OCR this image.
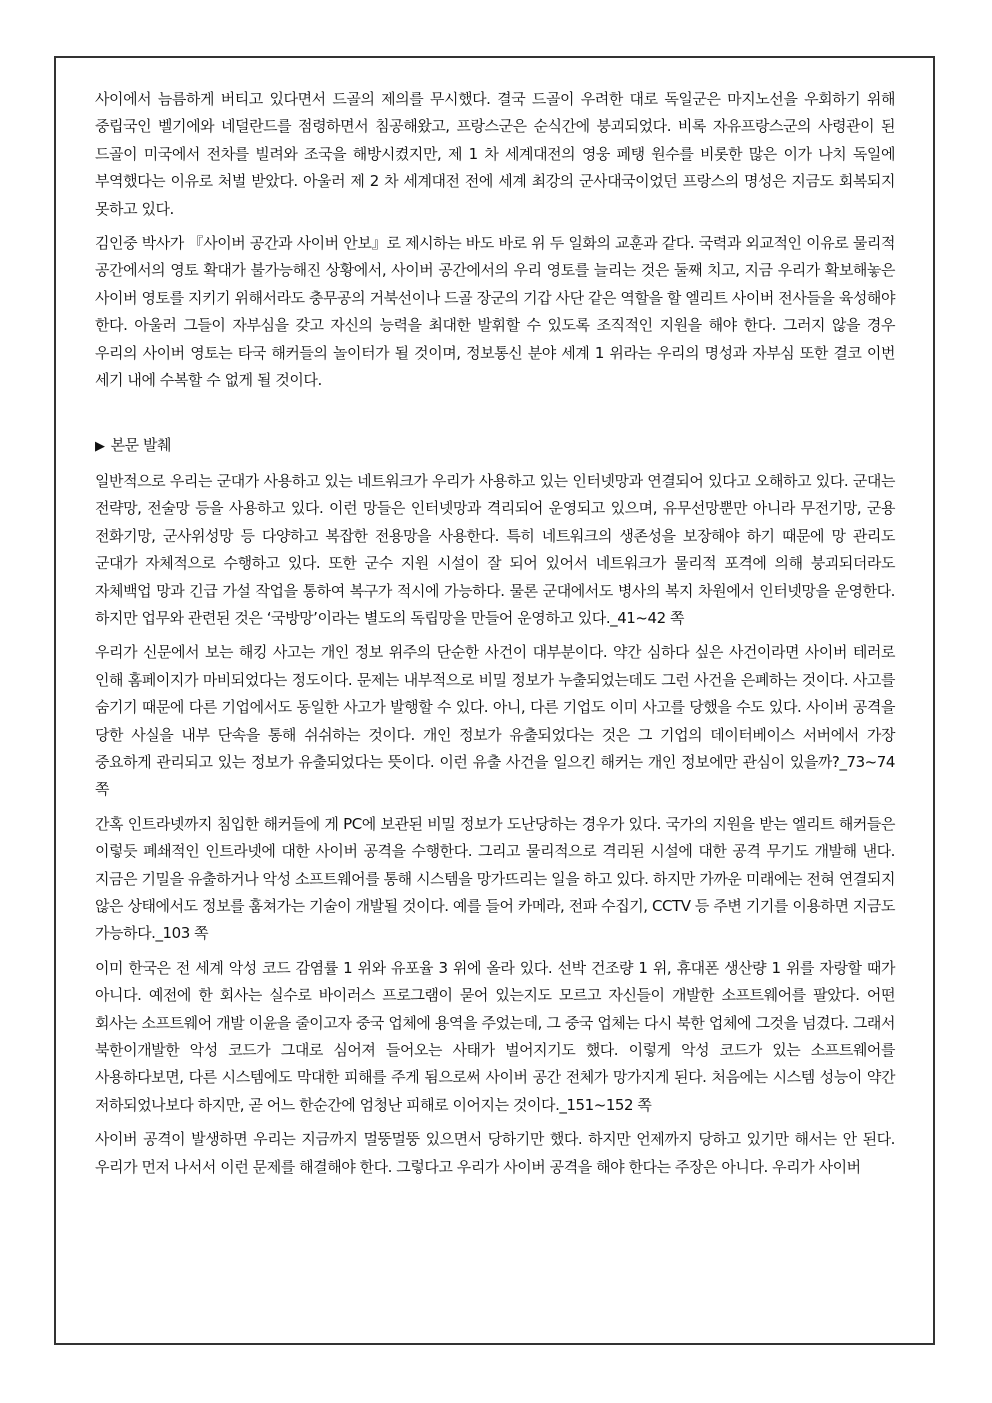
사이에서 늠름하게 버티고 있다면서 드골의 제의를 무시했다. 결국 드골이 우려한 대로 독일군은 마지노선을 우회하기 위해 중립국인 벨기에와 네덜란드를 점령하면서 침공해왔고, 프랑스군은 순식간에 붕괴되었다. 비록 자유프랑스군의 사령관이 된 드골이 미국에서 전차를 빌려와 조국을 해방시켰지만, 제 1 차 세계대전의 영웅 페탱 원수를 비롯한 많은 이가 나치 독일에 부역했다는 이유로 처벌 받았다. 아울러 제 2 차 세계대전 전에 세계 최강의 군사대국이었던 프랑스의 명성은 지금도 회복되지 못하고 있다.

김인중 박사가 『사이버 공간과 사이버 안보』로 제시하는 바도 바로 위 두 일화의 교훈과 같다. 국력과 외교적인 이유로 물리적 공간에서의 영토 확대가 불가능해진 상황에서, 사이버 공간에서의 우리 영토를 늘리는 것은 둘째 치고, 지금 우리가 확보해놓은 사이버 영토를 지키기 위해서라도 충무공의 거북선이나 드골 장군의 기갑 사단 같은 역할을 할 엘리트 사이버 전사들을 육성해야 한다. 아울러 그들이 자부심을 갖고 자신의 능력을 최대한 발휘할 수 있도록 조직적인 지원을 해야 한다. 그러지 않을 경우 우리의 사이버 영토는 타국 해커들의 놀이터가 될 것이며, 정보통신 분야 세계 1 위라는 우리의 명성과 자부심 또한 결코 이번 세기 내에 수복할 수 없게 될 것이다.

▶ 본문 발췌

일반적으로 우리는 군대가 사용하고 있는 네트워크가 우리가 사용하고 있는 인터넷망과 연결되어 있다고 오해하고 있다. 군대는 전략망, 전술망 등을 사용하고 있다. 이런 망들은 인터넷망과 격리되어 운영되고 있으며, 유무선망뿐만 아니라 무전기망, 군용 전화기망, 군사위성망 등 다양하고 복잡한 전용망을 사용한다. 특히 네트워크의 생존성을 보장해야 하기 때문에 망 관리도 군대가 자체적으로 수행하고 있다. 또한 군수 지원 시설이 잘 되어 있어서 네트워크가 물리적 포격에 의해 붕괴되더라도 자체백업 망과 긴급 가설 작업을 통하여 복구가 적시에 가능하다. 물론 군대에서도 병사의 복지 차원에서 인터넷망을 운영한다. 하지만 업무와 관련된 것은 ‘국방망’이라는 별도의 독립망을 만들어 운영하고 있다._41~42 쪽

우리가 신문에서 보는 해킹 사고는 개인 정보 위주의 단순한 사건이 대부분이다. 약간 심하다 싶은 사건이라면 사이버 테러로 인해 홈페이지가 마비되었다는 정도이다. 문제는 내부적으로 비밀 정보가 누출되었는데도 그런 사건을 은폐하는 것이다. 사고를 숨기기 때문에 다른 기업에서도 동일한 사고가 발행할 수 있다. 아니, 다른 기업도 이미 사고를 당했을 수도 있다. 사이버 공격을 당한 사실을 내부 단속을 통해 쉬쉬하는 것이다. 개인 정보가 유출되었다는 것은 그 기업의 데이터베이스 서버에서 가장 중요하게 관리되고 있는 정보가 유출되었다는 뜻이다. 이런 유출 사건을 일으킨 해커는 개인 정보에만 관심이 있을까?_73~74 쪽

간혹 인트라넷까지 침입한 해커들에 게 PC에 보관된 비밀 정보가 도난당하는 경우가 있다. 국가의 지원을 받는 엘리트 해커들은 이렇듯 폐쇄적인 인트라넷에 대한 사이버 공격을 수행한다. 그리고 물리적으로 격리된 시설에 대한 공격 무기도 개발해 낸다. 지금은 기밀을 유출하거나 악성 소프트웨어를 통해 시스템을 망가뜨리는 일을 하고 있다. 하지만 가까운 미래에는 전혀 연결되지 않은 상태에서도 정보를 훔쳐가는 기술이 개발될 것이다. 예를 들어 카메라, 전파 수집기, CCTV 등 주변 기기를 이용하면 지금도 가능하다._103 쪽

이미 한국은 전 세계 악성 코드 감염률 1 위와 유포율 3 위에 올라 있다. 선박 건조량 1 위, 휴대폰 생산량 1 위를 자랑할 때가 아니다. 예전에 한 회사는 실수로 바이러스 프로그램이 묻어 있는지도 모르고 자신들이 개발한 소프트웨어를 팔았다. 어떤 회사는 소프트웨어 개발 이윤을 줄이고자 중국 업체에 용역을 주었는데, 그 중국 업체는 다시 북한 업체에 그것을 넘겼다. 그래서 북한이개발한 악성 코드가 그대로 심어져 들어오는 사태가 벌어지기도 했다. 이렇게 악성 코드가 있는 소프트웨어를 사용하다보면, 다른 시스템에도 막대한 피해를 주게 됨으로써 사이버 공간 전체가 망가지게 된다. 처음에는 시스템 성능이 약간 저하되었나보다 하지만, 곧 어느 한순간에 엄청난 피해로 이어지는 것이다._151~152 쪽

사이버 공격이 발생하면 우리는 지금까지 멀뚱멀뚱 있으면서 당하기만 했다. 하지만 언제까지 당하고 있기만 해서는 안 된다. 우리가 먼저 나서서 이런 문제를 해결해야 한다. 그렇다고 우리가 사이버 공격을 해야 한다는 주장은 아니다. 우리가 사이버
